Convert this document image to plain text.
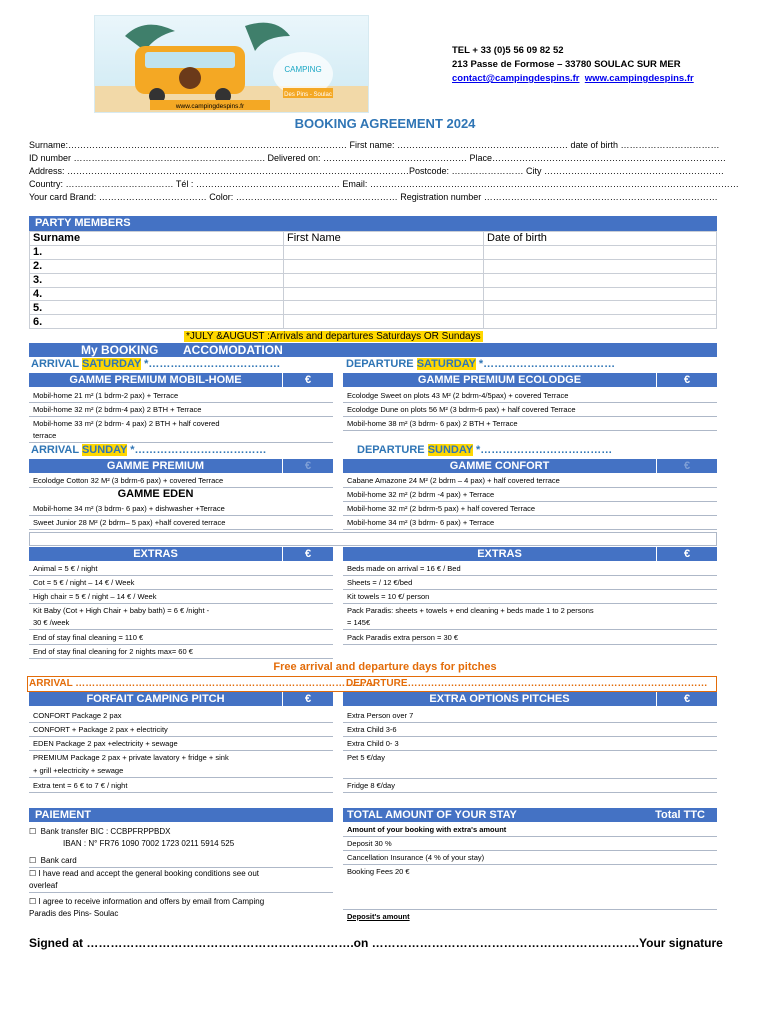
CAMPING
Des Pins - Soulac
www.campingdespins.fr
TEL + 33 (0)5 56 09 82 52
213 Passe de Formose – 33780 SOULAC SUR MER
contact@campingdespins.fr www.campingdespins.fr
BOOKING AGREEMENT 2024
Surname:………………………………………………………………………………… First name: ………………………………………………… date of birth ……………………………
ID number ………………………………………………………. Delivered on: ………………………………………… Place……………………………………………………………………
Address: ……………………………………………………………………………………………………Postcode: …………………… City ……………………………………………………
Country: ……………………………… Tél : ………………………………………… Email: ……………………………………………………………………………………………………………
Your card Brand: ……………………………… Color: ……………………………………………… Registration number ……………………………………………………………………
PARTY MEMBERS
Surname	First Name	Date of birth
1.		
2.		
3.		
4.		
5.		
6.		
*JULY &AUGUST :Arrivals and departures Saturdays OR Sundays
My BOOKING ACCOMODATION
ARRIVAL SATURDAY *………………………………	DEPARTURE SATURDAY *………………………………
GAMME PREMIUM MOBIL-HOME	€
Mobil-home 21 m² (1 bdrm-2 pax) + Terrace
Mobil-home 32 m² (2 bdrm-4 pax) 2 BTH + Terrace
Mobil-home 33 m² (2 bdrm- 4 pax) 2 BTH + half covered
terrace
GAMME PREMIUM ECOLODGE	€
Ecolodge Sweet on plots 43 M² (2 bdrm-4/5pax) + covered Terrace
Ecolodge Dune on plots 56 M² (3 bdrm-6 pax) + half covered Terrace
Mobil-home 38 m² (3 bdrm- 6 pax) 2 BTH + Terrace
ARRIVAL SUNDAY *………………………………	DEPARTURE SUNDAY *………………………………
GAMME PREMIUM	€
Ecolodge Cotton 32 M² (3 bdrm-6 pax) + covered Terrace
GAMME EDEN
Mobil-home 34 m² (3 bdrm- 6 pax) + dishwasher +Terrace
Sweet Junior 28 M² (2 bdrm– 5 pax) +half covered terrace
GAMME CONFORT	€
Cabane Amazone 24 M² (2 bdrm – 4 pax) + half covered terrace
Mobil-home 32 m² (2 bdrm -4 pax) + Terrace
Mobil-home 32 m² (2 bdrm-5 pax) + half covered Terrace
Mobil-home 34 m² (3 bdrm- 6 pax) + Terrace
EXTRAS	€
Animal = 5 € / night
Cot = 5 € / night – 14 € / Week
High chair = 5 € / night – 14 € / Week
Kit Baby (Cot + High Chair + baby bath) = 6 € /night -
30 € /week
End of stay final cleaning = 110 €
End of stay final cleaning for 2 nights max= 60 €
EXTRAS	€
Beds made on arrival = 16 € / Bed
Sheets = / 12 €/bed
Kit towels = 10 €/ person
Pack Paradis: sheets + towels + end cleaning + beds made 1 to 2 persons
= 145€
Pack Paradis extra person = 30 €
Free arrival and departure days for pitches
ARRIVAL ………………………………………………………………………………
DEPARTURE………………………………………………………………………………
FORFAIT CAMPING PITCH	€
CONFORT Package 2 pax
CONFORT + Package 2 pax + electricity
EDEN Package 2 pax +electricity + sewage
PREMIUM Package 2 pax + private lavatory + fridge + sink
+ grill +electricity + sewage
Extra tent = 6 € to 7 € / night
EXTRA OPTIONS PITCHES	€
Extra Person over 7
Extra Child 3-6
Extra Child 0- 3
Pet 5 €/day
Fridge 8 €/day
PAIEMENT
☐ Bank transfer BIC : CCBPFRPPBDX
IBAN : N° FR76 1090 7002 1723 0211 5914 525
☐ Bank card
☐ I have read and accept the general booking conditions see out
overleaf
☐ I agree to receive information and offers by email from Camping
Paradis des Pins- Soulac
TOTAL AMOUNT OF YOUR STAY	Total TTC
Amount of your booking with extra's amount
Deposit 30 %
Cancellation Insurance (4 % of your stay)
Booking Fees 20 €
Deposit's amount
Signed at ………………………………………………………….on ………………………………………………………….Your signature
